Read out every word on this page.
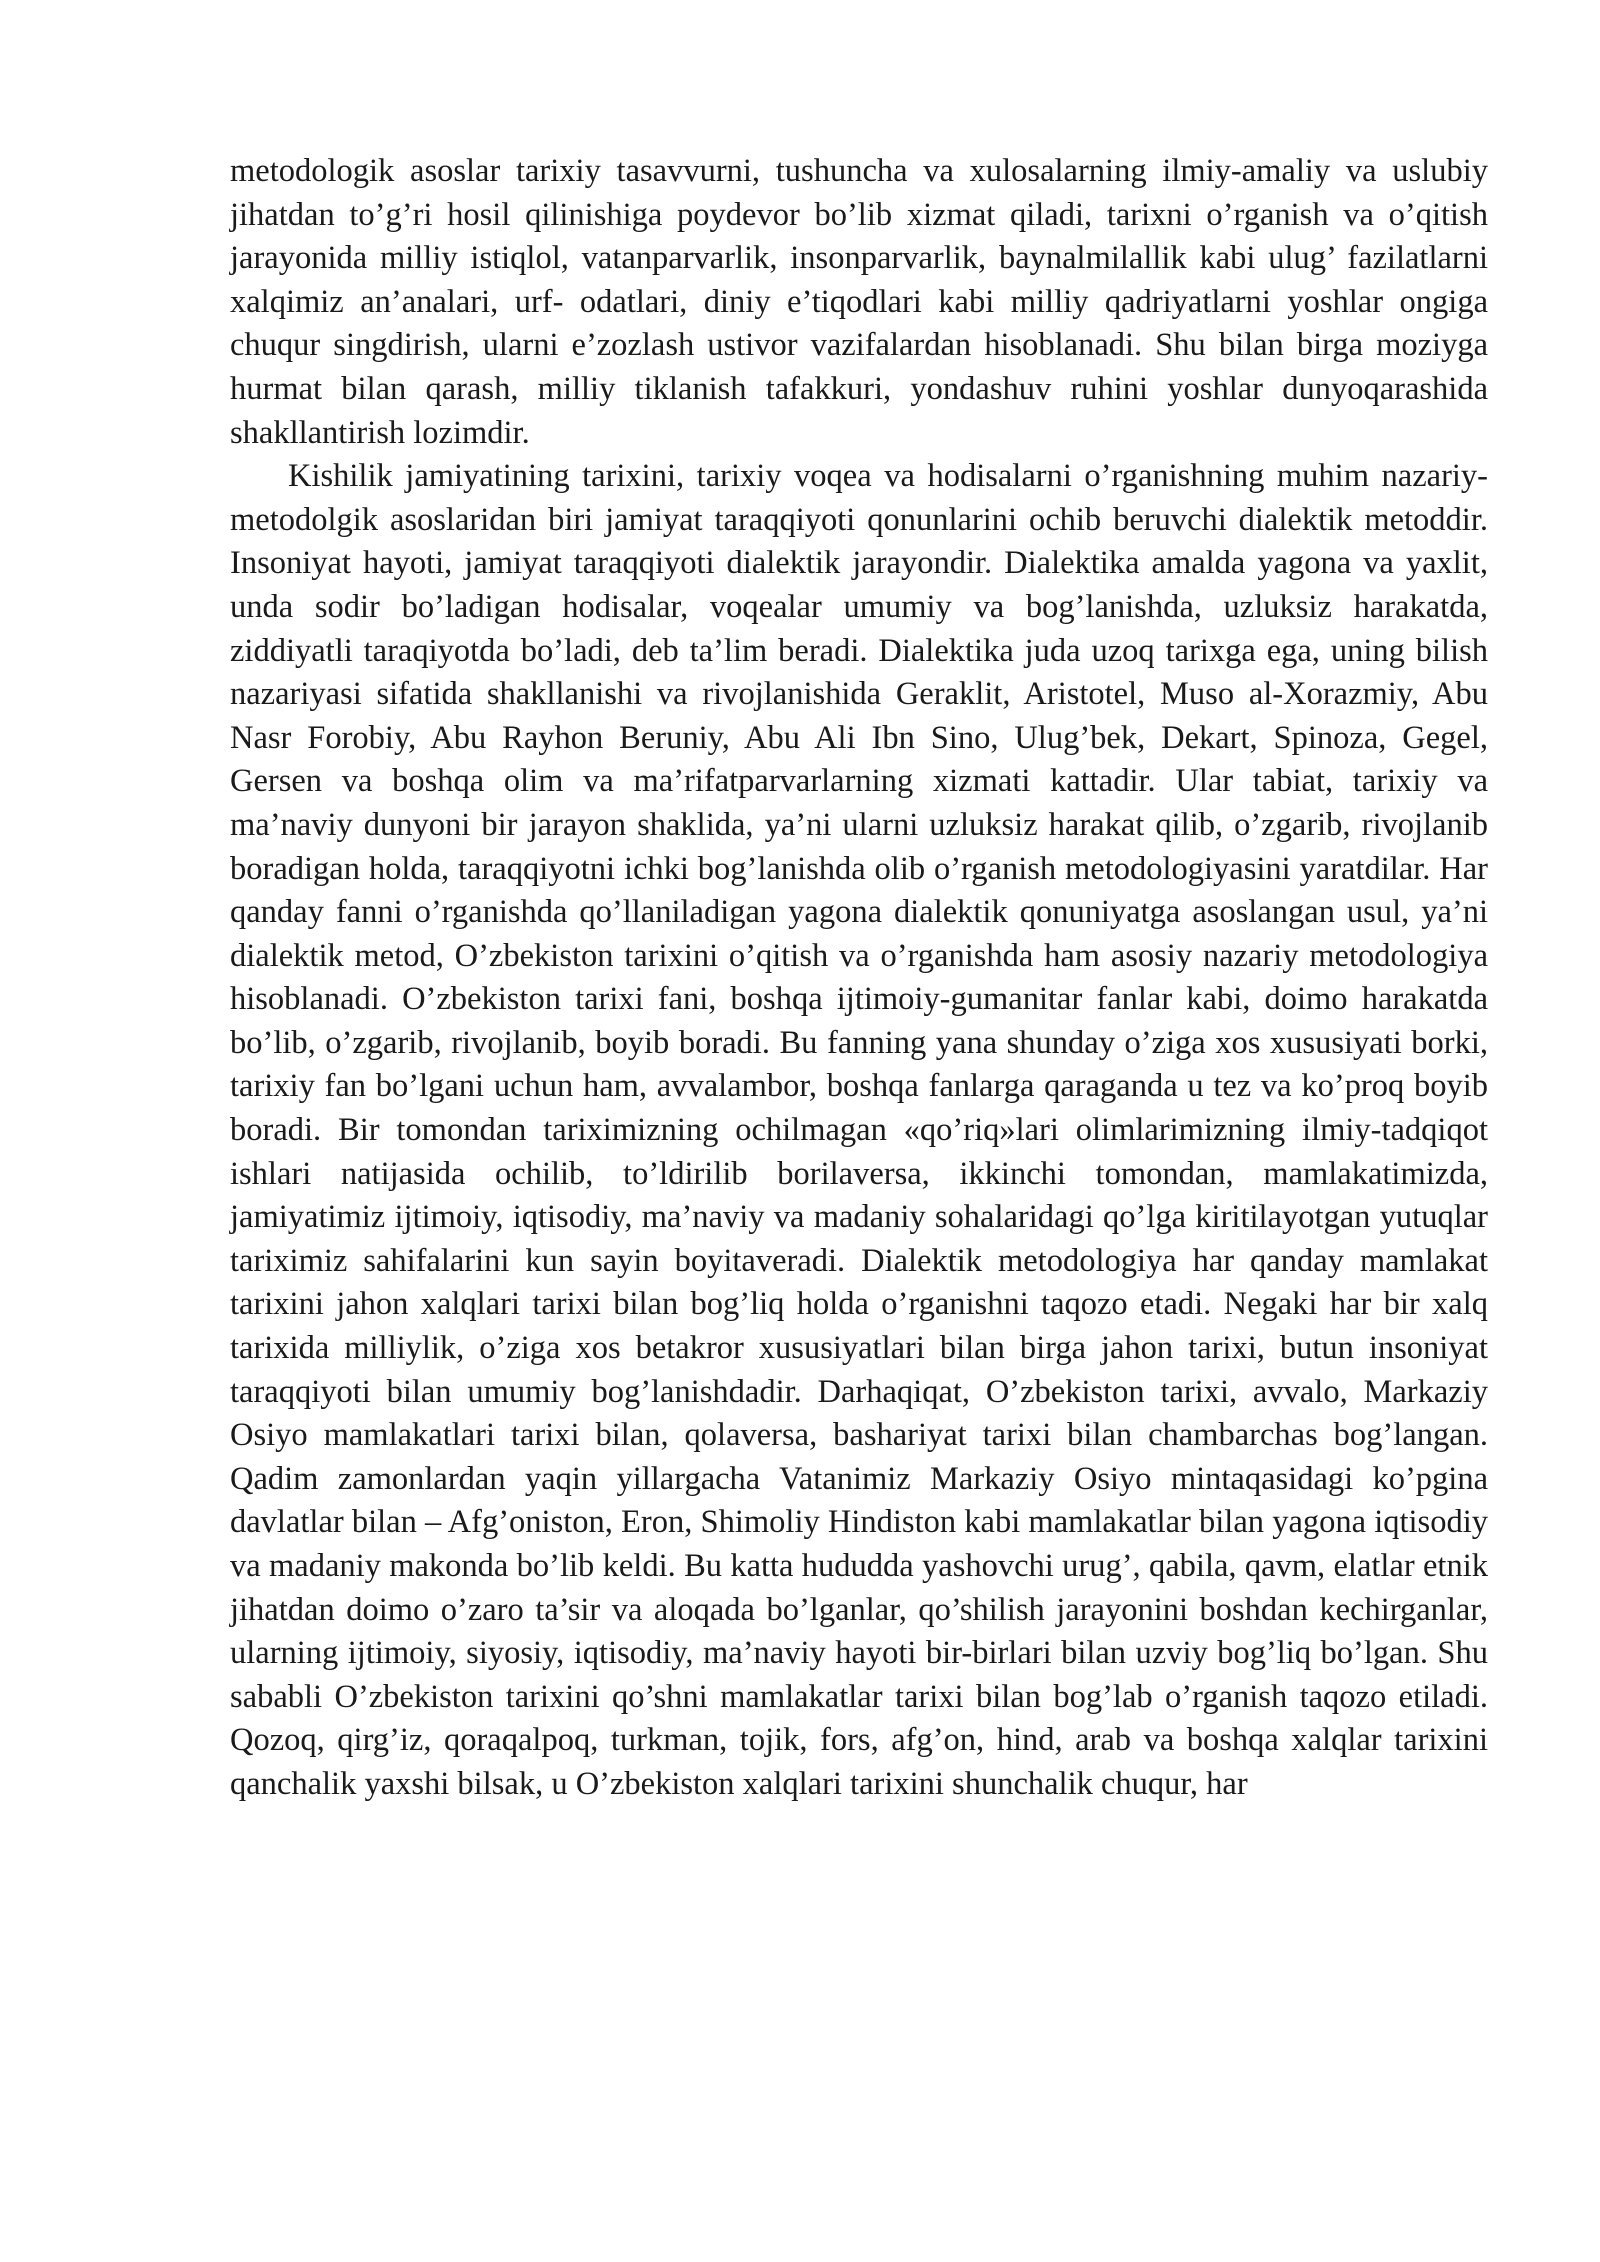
metodologik asoslar tarixiy tasavvurni, tushuncha va xulosalarning ilmiy-amaliy va uslubiy jihatdan to’g’ri hosil qilinishiga poydevor bo’lib xizmat qiladi, tarixni o’rganish va o’qitish jarayonida milliy istiqlol, vatanparvarlik, insonparvarlik, baynalmilallik kabi ulug’ fazilatlarni xalqimiz an’analari, urf- odatlari, diniy e’tiqodlari kabi milliy qadriyatlarni yoshlar ongiga chuqur singdirish, ularni e’zozlash ustivor vazifalardan hisoblanadi. Shu bilan birga moziyga hurmat bilan qarash, milliy tiklanish tafakkuri, yondashuv ruhini yoshlar dunyoqarashida shakllantirish lozimdir.

Kishilik jamiyatining tarixini, tarixiy voqea va hodisalarni o’rganishning muhim nazariy-metodolgik asoslaridan biri jamiyat taraqqiyoti qonunlarini ochib beruvchi dialektik metoddir. Insoniyat hayoti, jamiyat taraqqiyoti dialektik jarayondir. Dialektika amalda yagona va yaxlit, unda sodir bo’ladigan hodisalar, voqealar umumiy va bog’lanishda, uzluksiz harakatda, ziddiyatli taraqiyotda bo’ladi, deb ta’lim beradi. Dialektika juda uzoq tarixga ega, uning bilish nazariyasi sifatida shakllanishi va rivojlanishida Geraklit, Aristotel, Muso al-Xorazmiy, Abu Nasr Forobiy, Abu Rayhon Beruniy, Abu Ali Ibn Sino, Ulug’bek, Dekart, Spinoza, Gegel, Gersen va boshqa olim va ma’rifatparvarlarning xizmati kattadir. Ular tabiat, tarixiy va ma’naviy dunyoni bir jarayon shaklida, ya’ni ularni uzluksiz harakat qilib, o’zgarib, rivojlanib boradigan holda, taraqqiyotni ichki bog’lanishda olib o’rganish metodologiyasini yaratdilar. Har qanday fanni o’rganishda qo’llaniladigan yagona dialektik qonuniyatga asoslangan usul, ya’ni dialektik metod, O’zbekiston tarixini o’qitish va o’rganishda ham asosiy nazariy metodologiya hisoblanadi. O’zbekiston tarixi fani, boshqa ijtimoiy-gumanitar fanlar kabi, doimo harakatda bo’lib, o’zgarib, rivojlanib, boyib boradi. Bu fanning yana shunday o’ziga xos xususiyati borki, tarixiy fan bo’lgani uchun ham, avvalambor, boshqa fanlarga qaraganda u tez va ko’proq boyib boradi. Bir tomondan tariximizning ochilmagan «qo’riq»lari olimlarimizning ilmiy-tadqiqot ishlari natijasida ochilib, to’ldirilib borilaversa, ikkinchi tomondan, mamlakatimizda, jamiyatimiz ijtimoiy, iqtisodiy, ma’naviy va madaniy sohalaridagi qo’lga kiritilayotgan yutuqlar tariximiz sahifalarini kun sayin boyitaveradi. Dialektik metodologiya har qanday mamlakat tarixini jahon xalqlari tarixi bilan bog’liq holda o’rganishni taqozo etadi. Negaki har bir xalq tarixida milliylik, o’ziga xos betakror xususiyatlari bilan birga jahon tarixi, butun insoniyat taraqqiyoti bilan umumiy bog’lanishdadir. Darhaqiqat, O’zbekiston tarixi, avvalo, Markaziy Osiyo mamlakatlari tarixi bilan, qolaversa, bashariyat tarixi bilan chambarchas bog’langan. Qadim zamonlardan yaqin yillargacha Vatanimiz Markaziy Osiyo mintaqasidagi ko’pgina davlatlar bilan – Afg’oniston, Eron, Shimoliy Hindiston kabi mamlakatlar bilan yagona iqtisodiy va madaniy makonda bo’lib keldi. Bu katta hududda yashovchi urug’, qabila, qavm, elatlar etnik jihatdan doimo o’zaro ta’sir va aloqada bo’lganlar, qo’shilish jarayonini boshdan kechirganlar, ularning ijtimoiy, siyosiy, iqtisodiy, ma’naviy hayoti bir-birlari bilan uzviy bog’liq bo’lgan. Shu sababli O’zbekiston tarixini qo’shni mamlakatlar tarixi bilan bog’lab o’rganish taqozo etiladi. Qozoq, qirg’iz, qoraqalpoq, turkman, tojik, fors, afg’on, hind, arab va boshqa xalqlar tarixini qanchalik yaxshi bilsak, u O’zbekiston xalqlari tarixini shunchalik chuqur, har
